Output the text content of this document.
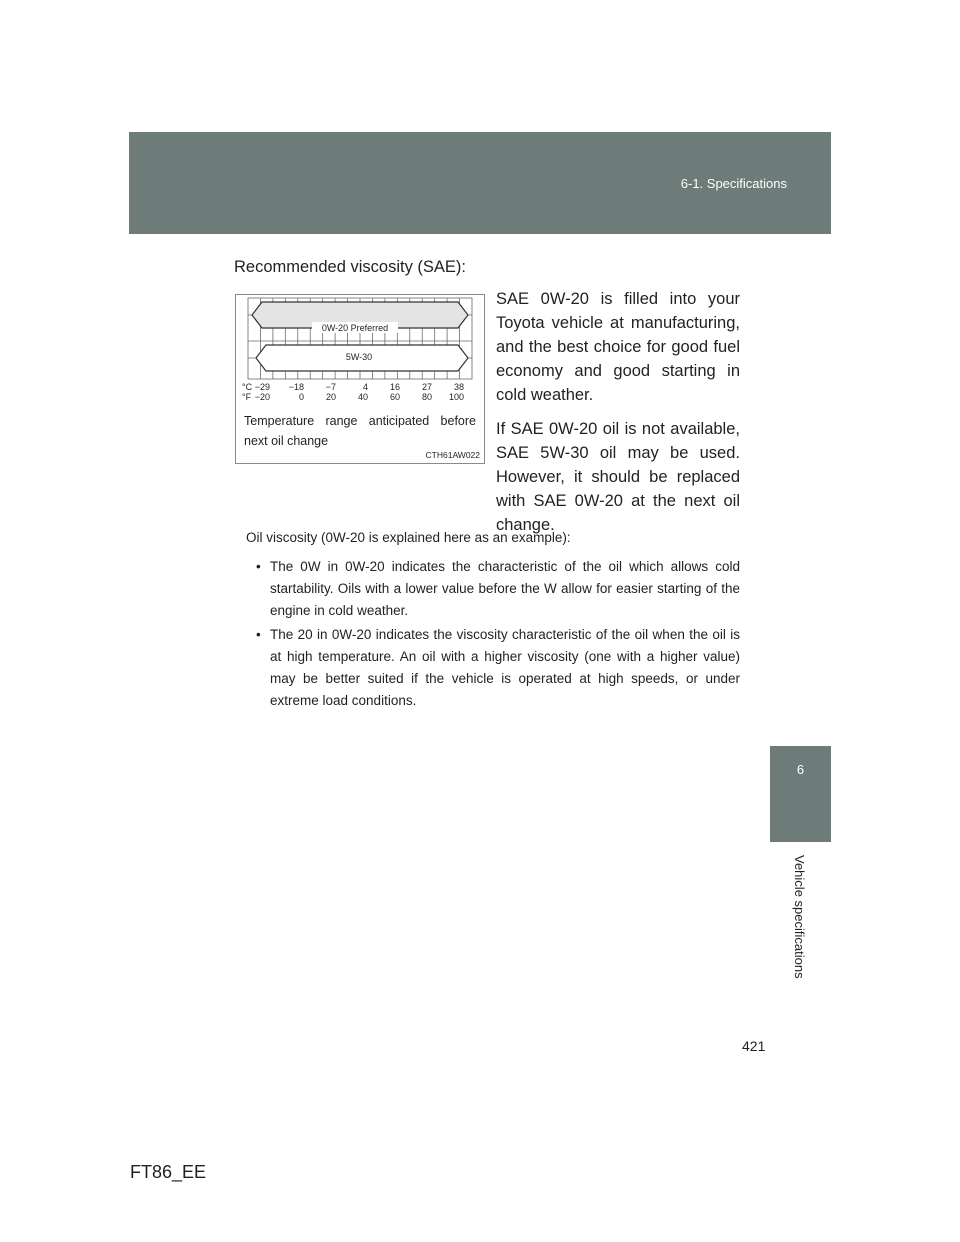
6-1. Specifications
6
Vehicle specifications
Recommended viscosity (SAE):
0W-20 Preferred
5W-30
°C
°F
−29 −18 −7	4 16 27 38
−20	0 20 40 60 80 100
Temperature range anticipated before next oil change
CTH61AW022

SAE 0W-20 is filled into your Toyota vehicle at manufacturing, and the best choice for good fuel economy and good starting in cold weather.

If SAE 0W-20 oil is not available, SAE 5W-30 oil may be used. However, it should be replaced with SAE 0W-20 at the next oil change.

Oil viscosity (0W-20 is explained here as an example):
• The 0W in 0W-20 indicates the characteristic of the oil which allows cold startability. Oils with a lower value before the W allow for easier starting of the engine in cold weather.
• The 20 in 0W-20 indicates the viscosity characteristic of the oil when the oil is at high temperature. An oil with a higher viscosity (one with a higher value) may be better suited if the vehicle is operated at high speeds, or under extreme load conditions.
421
FT86_EE
